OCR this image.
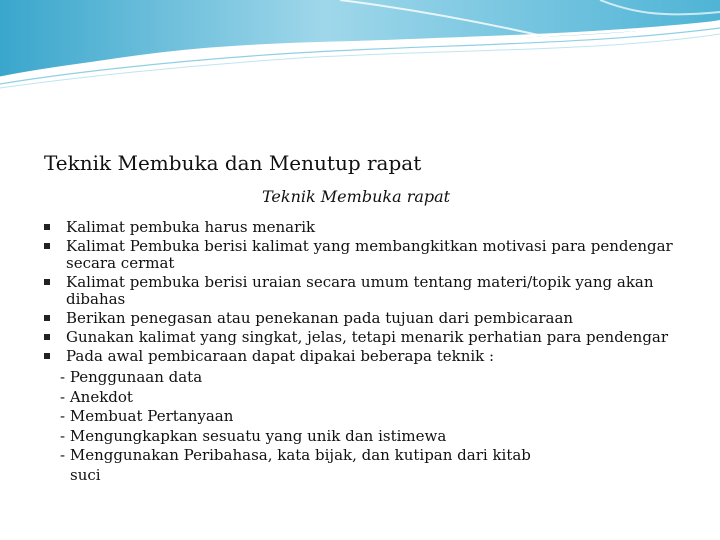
Teknik Membuka dan Menutup rapat
Teknik Membuka rapat
Kalimat pembuka harus menarik
Kalimat Pembuka berisi kalimat yang membangkitkan motivasi para pendengar secara cermat
Kalimat pembuka berisi uraian secara umum tentang materi/topik yang akan dibahas
Berikan penegasan atau penekanan pada tujuan dari pembicaraan
Gunakan kalimat yang singkat, jelas, tetapi menarik perhatian para pendengar
Pada awal pembicaraan dapat dipakai beberapa teknik :
- Penggunaan data
- Anekdot
- Membuat Pertanyaan
- Mengungkapkan sesuatu yang unik dan istimewa
- Menggunakan Peribahasa, kata bijak, dan kutipan dari kitab suci
